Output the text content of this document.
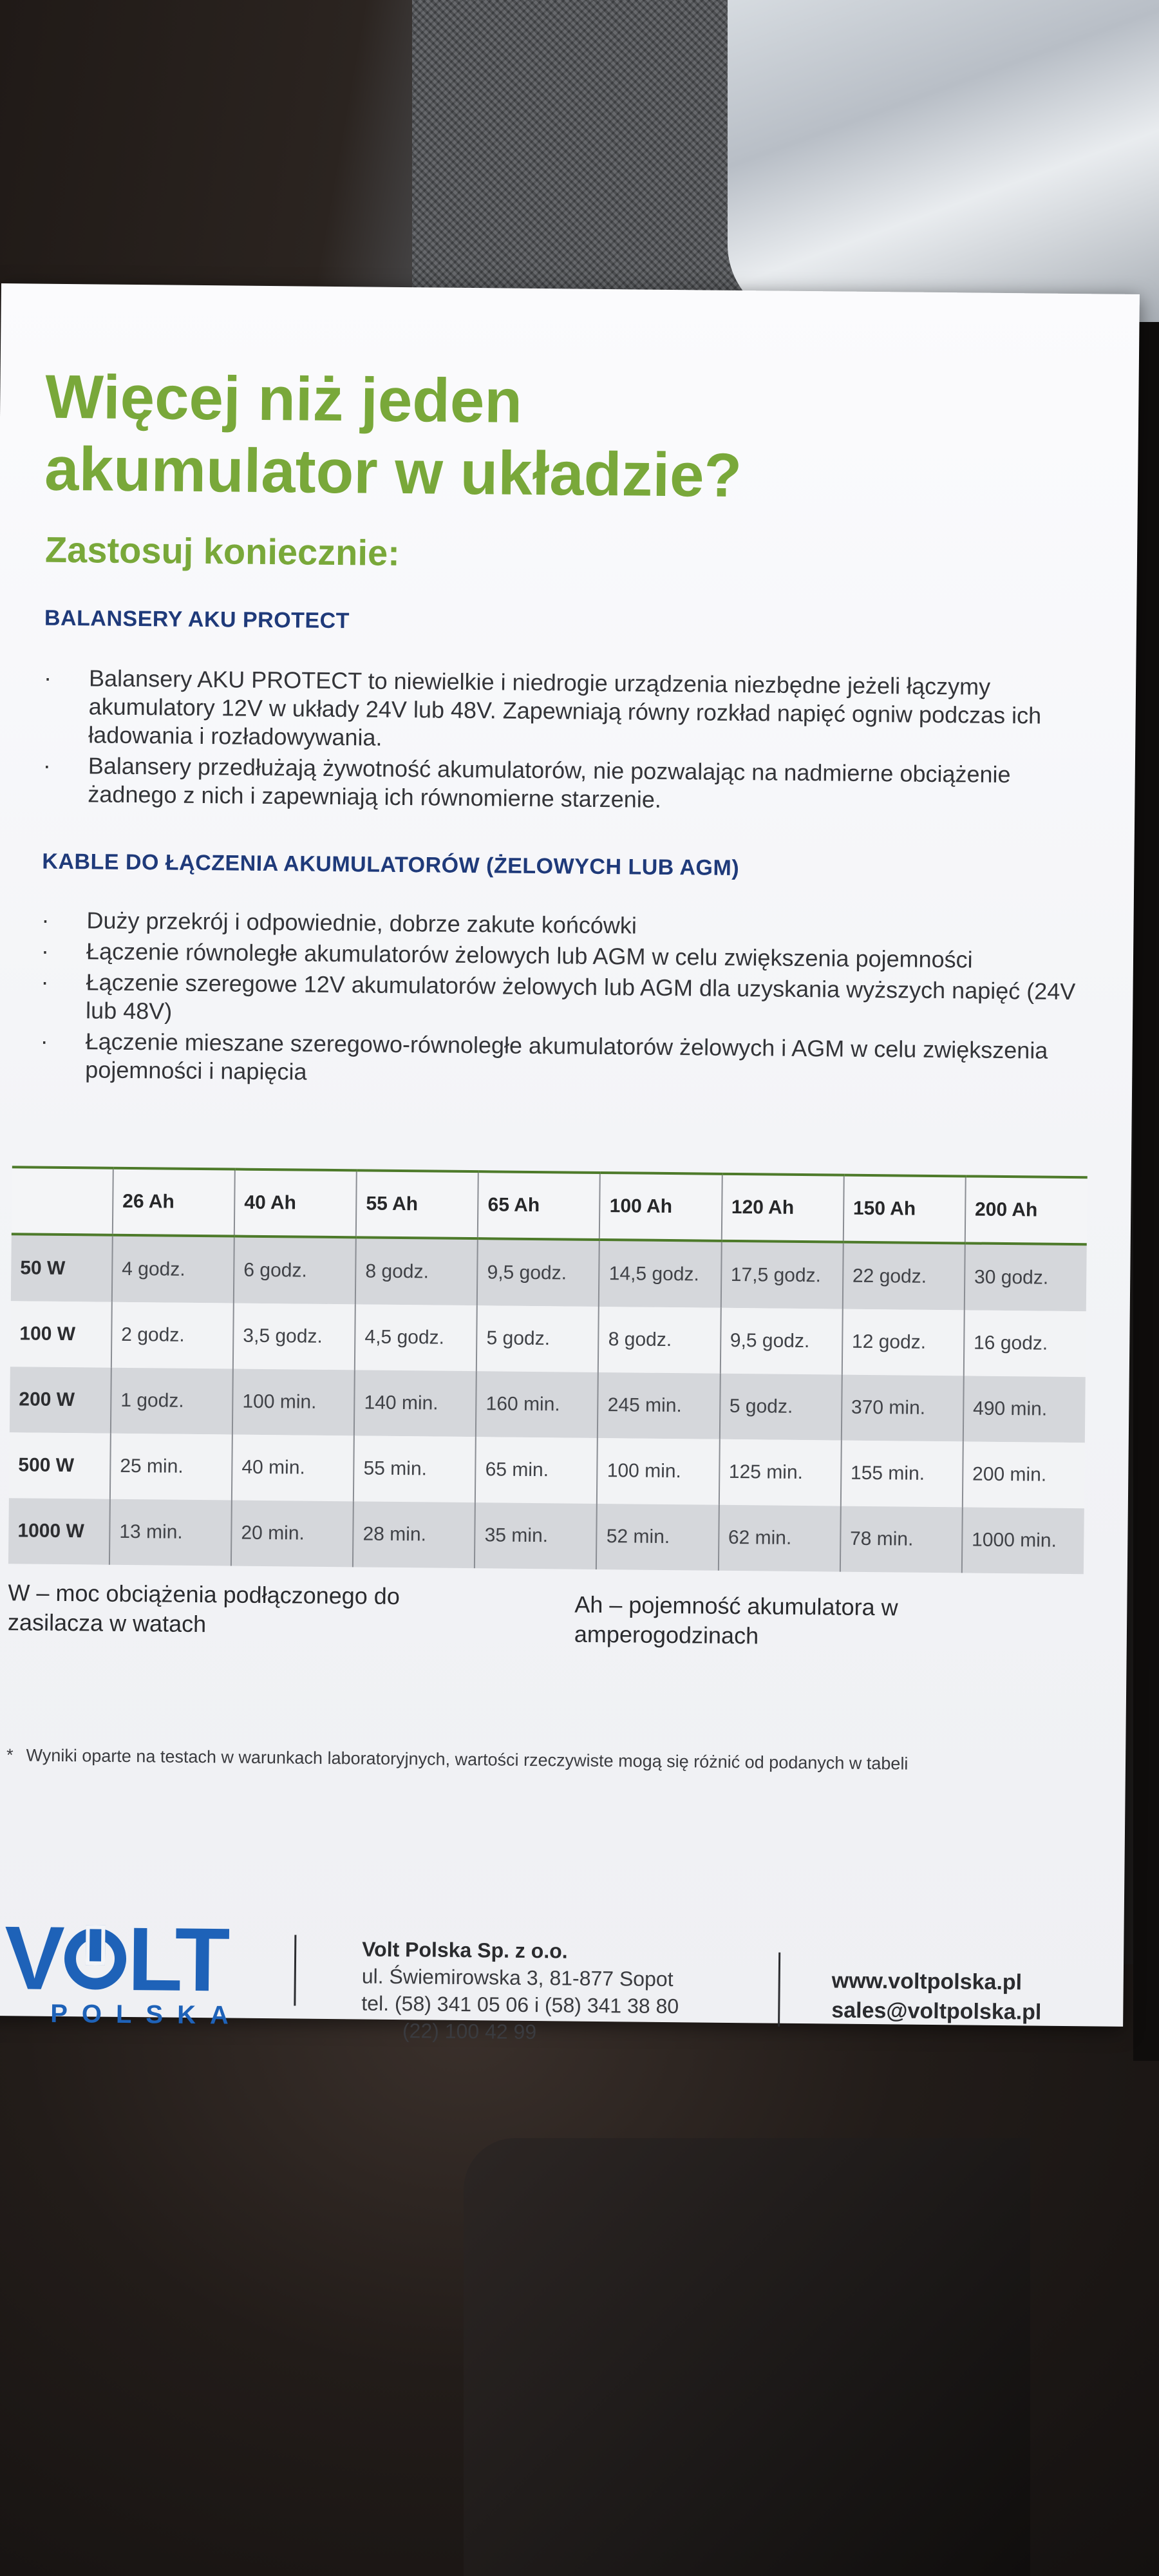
Więcej niż jeden
akumulator w układzie?

Zastosuj koniecznie:

BALANSERY AKU PROTECT
· Balansery AKU PROTECT to niewielkie i niedrogie urządzenia niezbędne jeżeli łączymy akumulatory 12V w układy 24V lub 48V. Zapewniają równy rozkład napięć ogniw podczas ich ładowania i rozładowywania.
· Balansery przedłużają żywotność akumulatorów, nie pozwalając na nadmierne obciążenie żadnego z nich i zapewniają ich równomierne starzenie.
KABLE DO ŁĄCZENIA AKUMULATORÓW (ŻELOWYCH LUB AGM)
· Duży przekrój i odpowiednie, dobrze zakute końcówki
· Łączenie równoległe akumulatorów żelowych lub AGM w celu zwiększenia pojemności
· Łączenie szeregowe 12V akumulatorów żelowych lub AGM dla uzyskania wyższych napięć (24V lub 48V)
· Łączenie mieszane szeregowo-równoległe akumulatorów żelowych i AGM w celu zwiększenia pojemności i napięcia
	26 Ah	40 Ah	55 Ah	65 Ah	100 Ah	120 Ah	150 Ah	200 Ah
50 W	4 godz.	6 godz.	8 godz.	9,5 godz.	14,5 godz.	17,5 godz.	22 godz.	30 godz.
100 W	2 godz.	3,5 godz.	4,5 godz.	5 godz.	8 godz.	9,5 godz.	12 godz.	16 godz.
200 W	1 godz.	100 min.	140 min.	160 min.	245 min.	5 godz.	370 min.	490 min.
500 W	25 min.	40 min.	55 min.	65 min.	100 min.	125 min.	155 min.	200 min.
1000 W	13 min.	20 min.	28 min.	35 min.	52 min.	62 min.	78 min.	1000 min.

W – moc obciążenia podłączonego do zasilacza w watach

Ah – pojemność akumulatora w amperogodzinach

* Wyniki oparte na testach w warunkach laboratoryjnych, wartości rzeczywiste mogą się różnić od podanych w tabeli

V LT
POLSKA
Volt Polska Sp. z o.o.
ul. Świemirowska 3, 81-877 Sopot
tel. (58) 341 05 06 i (58) 341 38 80
(22) 100 42 99
www.voltpolska.pl
sales@voltpolska.pl
